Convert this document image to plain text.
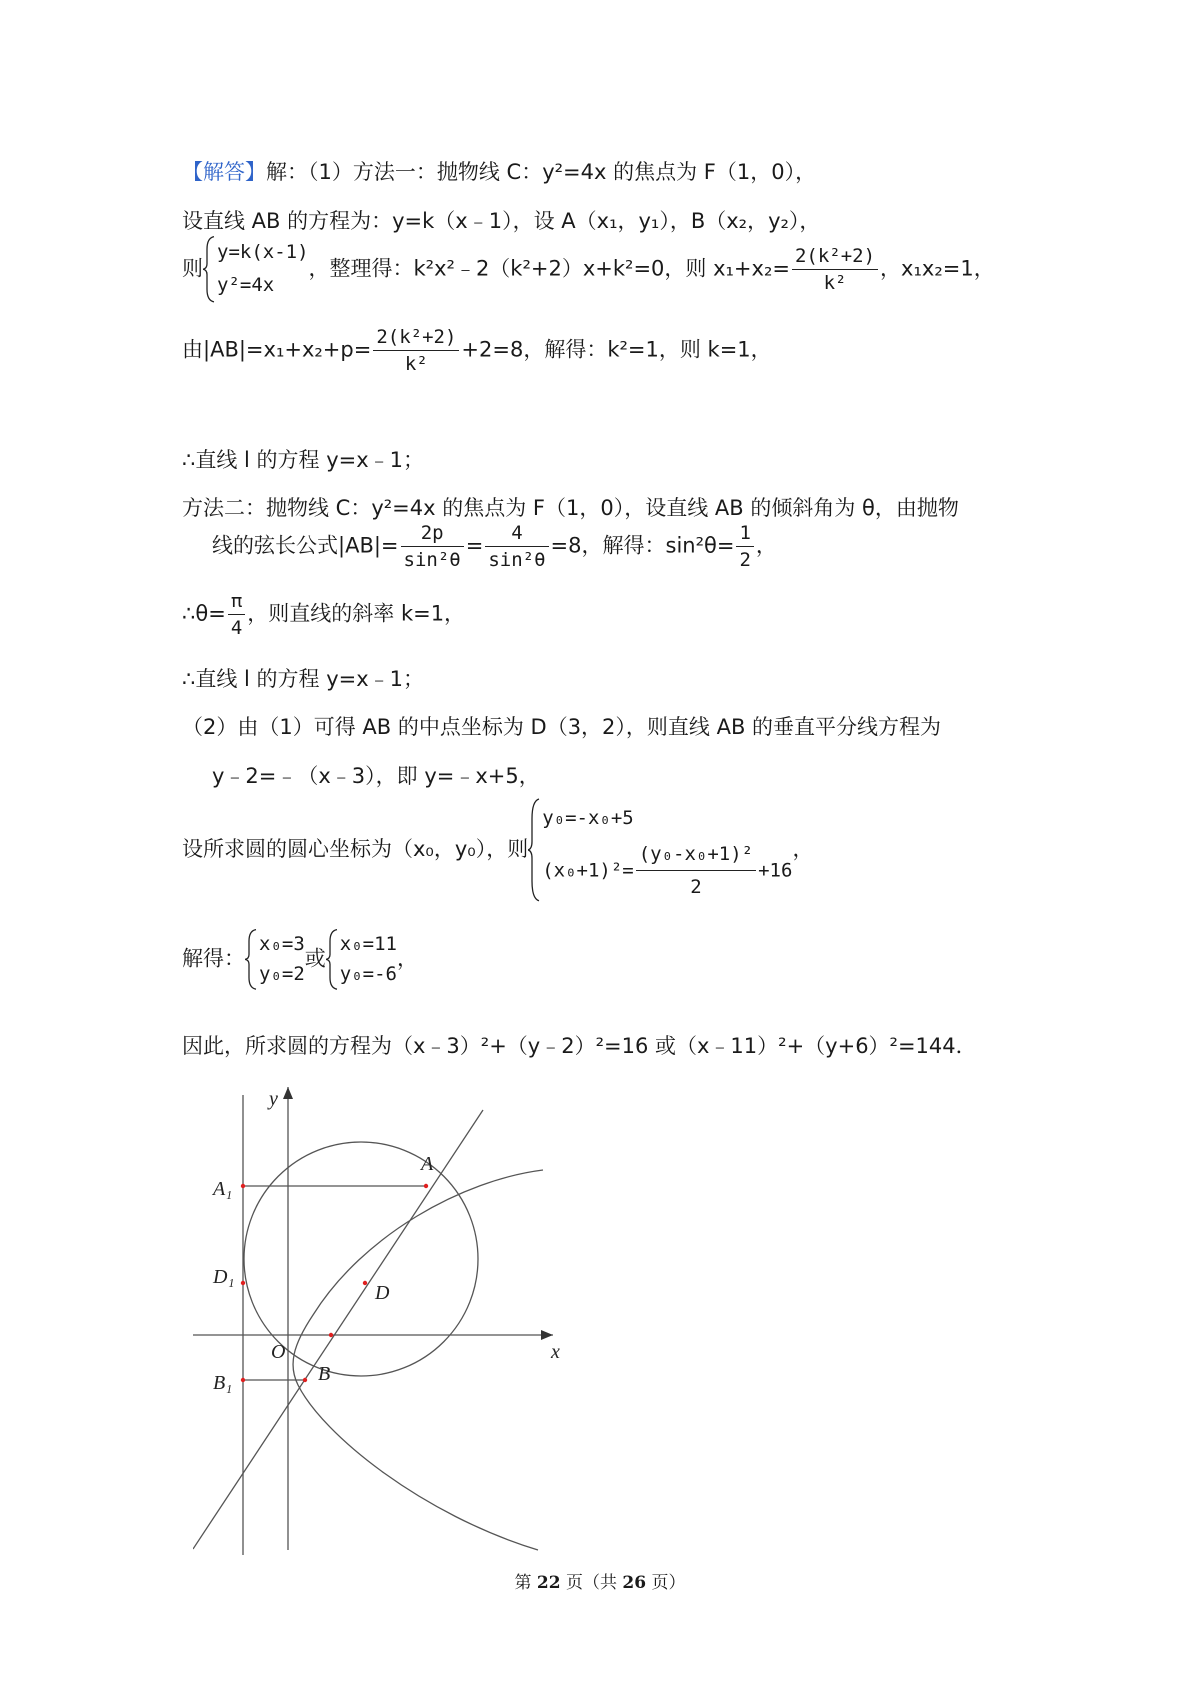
【解答】解：（1）方法一：抛物线 C：y²=4x 的焦点为 F（1，0），
设直线 AB 的方程为：y=k（x﹣1），设 A（x₁，y₁），B（x₂，y₂），
则
y=k(x-1)
y²=4x
，整理得：k²x²﹣2（k²+2）x+k²=0，则 $x_1+x_2= \frac{\text{2(k²+2)}}{\text{k²}}$ ，x₁x₂=1，
由$|AB|=x_1+x_2+p= \frac{\text{2(k²+2)}}{\text{k²}} +2=8$，解得：k²=1，则 k=1，
∴直线 l 的方程 y=x﹣1；
方法二：抛物线 C：y²=4x 的焦点为 F（1，0），设直线 AB 的倾斜角为 θ，由抛物
线的弦长公式$|AB|= \frac{2p}{\text{sin²θ}} = \frac{4}{\text{sin²θ}} =8$，解得：$\sin^2\theta= \frac{1}{2}$ ，
∴θ= $\frac{\pi}{4}$ ，则直线的斜率 k=1，
∴直线 l 的方程 y=x﹣1；
（2）由（1）可得 AB 的中点坐标为 D（3，2），则直线 AB 的垂直平分线方程为
y﹣2=﹣（x﹣3），即 y=﹣x+5，
设所求圆的圆心坐标为（x₀，y₀），则
y₀=-x₀+5
$(x_0+1)^2= \frac{\text{(y₀-x₀+1)²}}{2} +16$
，
解得：
x₀=3
y₀=2
或
x₀=11
y₀=-6
，
因此，所求圆的方程为（x﹣3）²+（y﹣2）²=16 或（x﹣11）²+（y+6）²=144．
y
x
O
A
B
D
A₁
D₁
B₁
第 22 页（共 26 页）
